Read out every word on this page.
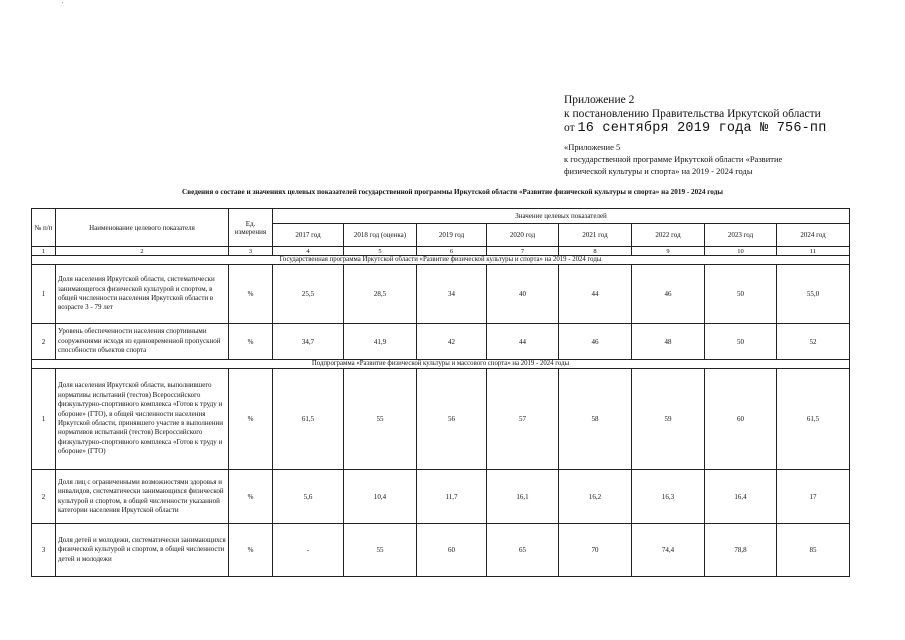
'
Приложение 2
к постановлению Правительства Иркутской области
от 16 сентября 2019 года № 756-пп
«Приложение 5
к государственной программе Иркутской области «Развитие
физической культуры и спорта» на 2019 - 2024 годы
Сведения о составе и значениях целевых показателей государственной программы Иркутской области «Развитие физической культуры и спорта» на 2019 - 2024 годы
№ п/п	Наименование целевого показателя	Ед. измерения	Значение целевых показателей							
			2017 год	2018 год (оценка)	2019 год	2020 год	2021 год	2022 год	2023 год	2024 год
1	2	3	4	5	6	7	8	9	10	11
Государственная программа Иркутской области «Развитие физической культуры и спорта» на 2019 - 2024 годы										
1	Доля населения Иркутской области, систематически занимающегося физической культурой и спортом, в общей численности населения Иркутской области в возрасте 3 - 79 лет	%	25,5	28,5	34	40	44	46	50	55,0
2	Уровень обеспеченности населения спортивными сооружениями исходя из единовременной пропускной способности объектов спорта	%	34,7	41,9	42	44	46	48	50	52
Подпрограмма «Развитие физической культуры и массового спорта» на 2019 - 2024 годы										
1	Доля населения Иркутской области, выполнившего нормативы испытаний (тестов) Всероссийского физкультурно-спортивного комплекса «Готов к труду и обороне» (ГТО), в общей численности населения Иркутской области, принявшего участие в выполнении нормативов испытаний (тестов) Всероссийского физкультурно-спортивного комплекса «Готов к труду и обороне» (ГТО)	%	61,5	55	56	57	58	59	60	61,5
2	Доля лиц с ограниченными возможностями здоровья и инвалидов, систематически занимающихся физической культурой и спортом, в общей численности указанной категории населения Иркутской области	%	5,6	10,4	11,7	16,1	16,2	16,3	16,4	17
3	Доля детей и молодежи, систематически занимающихся физической культурой и спортом, в общей численности детей и молодежи	%	-	55	60	65	70	74,4	78,8	85
